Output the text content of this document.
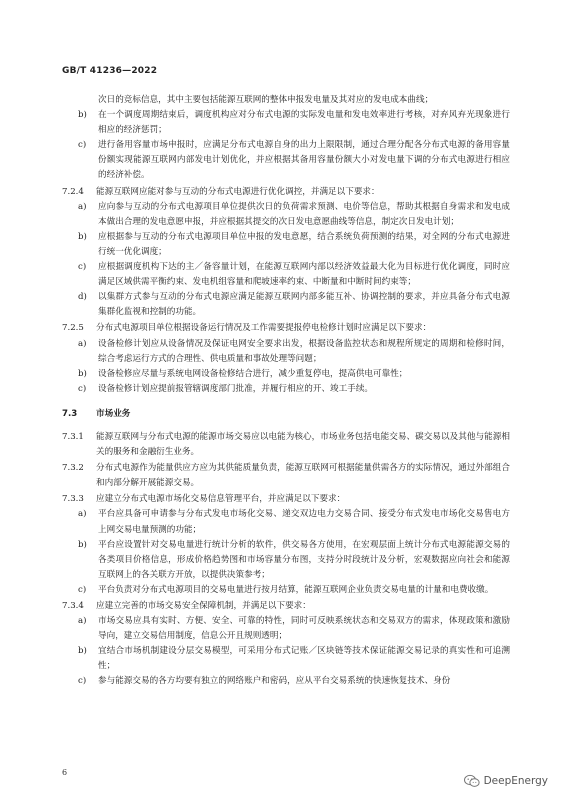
GB/T 41236—2022
次日的竞标信息，其中主要包括能源互联网的整体申报发电量及其对应的发电成本曲线；
b)	在一个调度周期结束后，调度机构应对分布式电源的实际发电量和发电效率进行考核，对弃风弃光现象进行相应的经济惩罚；
c)	进行备用容量市场申报时，应满足分布式电源自身的出力上限限制，通过合理分配各分布式电源的备用容量份额实现能源互联网内部发电计划优化，并应根据其备用容量份额大小对发电量下调的分布式电源进行相应的经济补偿。
7.2.4	能源互联网应能对参与互动的分布式电源进行优化调控，并满足以下要求：
a)	应向参与互动的分布式电源项目单位提供次日的负荷需求预测、电价等信息，帮助其根据自身需求和发电成本做出合理的发电意愿申报，并应根据其提交的次日发电意愿曲线等信息，制定次日发电计划；
b)	应根据参与互动的分布式电源项目单位申报的发电意愿，结合系统负荷预测的结果，对全网的分布式电源进行统一优化调度；
c)	应根据调度机构下达的主／备容量计划，在能源互联网内部以经济效益最大化为目标进行优化调度，同时应满足区域供需平衡约束、发电机组容量和爬坡速率约束、中断量和中断时间约束等；
d)	以集群方式参与互动的分布式电源应满足能源互联网内部多能互补、协调控制的要求，并应具备分布式电源集群化监视和控制的功能。
7.2.5	分布式电源项目单位根据设备运行情况及工作需要提报停电检修计划时应满足以下要求：
a)	设备检修计划应从设备情况及保证电网安全要求出发，根据设备监控状态和规程所规定的周期和检修时间，综合考虑运行方式的合理性、供电质量和事故处理等问题；
b)	设备检修应尽量与系统电网设备检修结合进行，减少重复停电，提高供电可靠性；
c)	设备检修计划应提前报管辖调度部门批准，并履行相应的开、竣工手续。
7.3	市场业务
7.3.1	能源互联网与分布式电源的能源市场交易应以电能为核心，市场业务包括电能交易、碳交易以及其他与能源相关的服务和金融衍生业务。
7.3.2	分布式电源作为能量供应方应为其供能质量负责，能源互联网可根据能量供需各方的实际情况，通过外部组合和内部分解开展能源交易。
7.3.3	应建立分布式电源市场化交易信息管理平台，并应满足以下要求：
a)	平台应具备可申请参与分布式发电市场化交易、递交双边电力交易合同、接受分布式发电市场化交易售电方上网交易电量预测的功能；
b)	平台应设置针对交易电量进行统计分析的软件，供交易各方使用，在宏观层面上统计分布式电源能源交易的各类项目价格信息，形成价格趋势图和市场容量分布图，支持分时段统计及分析，宏观数据应向社会和能源互联网上的各关联方开放，以提供决策参考；
c)	平台负责对分布式电源项目的交易电量进行按月结算，能源互联网企业负责交易电量的计量和电费收缴。
7.3.4	应建立完善的市场交易安全保障机制，并满足以下要求：
a)	市场交易应具有实时、方便、安全、可靠的特性，同时可反映系统状态和交易双方的需求，体现政策和激励导向，建立交易信用制度，信息公开且规则透明；
b)	宜结合市场机制建设分层交易模型，可采用分布式记账／区块链等技术保证能源交易记录的真实性和可追溯性；
c)	参与能源交易的各方均要有独立的网络账户和密码，应从平台交易系统的快速恢复技术、身份
6
DeepEnergy
